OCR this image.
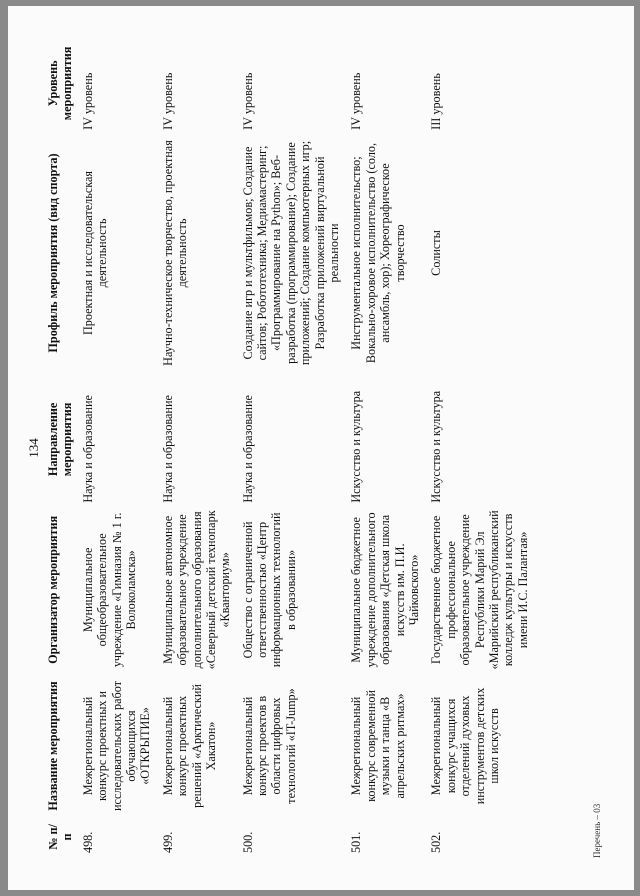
134
№ п/п	Название мероприятия	Организатор мероприятия	Направление мероприятия	Профиль мероприятия (вид спорта)	Уровень мероприятия
498.	Межрегиональный конкурс проектных и исследовательских работ обучающихся «ОТКРЫТИЕ»	Муниципальное общеобразовательное учреждение «Гимназия № 1 г. Волоколамска»	Наука и образование	Проектная и исследовательская деятельность	IV уровень
499.	Межрегиональный конкурс проектных решений «Арктический Хакатон»	Муниципальное автономное образовательное учреждение дополнительного образования «Северный детский технопарк «Кванториум»	Наука и образование	Научно-техническое творчество, проектная деятельность	IV уровень
500.	Межрегиональный конкурс проектов в области цифровых технологий «IT-Jump»	Общество с ограниченной ответственностью «Центр информационных технологий в образовании»	Наука и образование	Создание игр и мультфильмов; Создание сайтов; Робототехника; Медиамастеринг; «Программирование на Python»; Веб-разработка (программирование); Создание приложений; Создание компьютерных игр; Разработка приложений виртуальной реальности	IV уровень
501.	Межрегиональный конкурс современной музыки и танца «В апрельских ритмах»	Муниципальное бюджетное учреждение дополнительного образования «Детская школа искусств им. П.И. Чайковского»	Искусство и культура	Инструментальное исполнительство; Вокально-хоровое исполнительство (соло, ансамбль, хор); Хореографическое творчество	IV уровень
502.	Межрегиональный конкурс учащихся отделений духовых инструментов детских школ искусств	Государственное бюджетное профессиональное образовательное учреждение Республики Марий Эл «Марийский республиканский колледж культуры и искусств имени И.С. Палантая»	Искусство и культура	Солисты	III уровень
Перечень – 03
